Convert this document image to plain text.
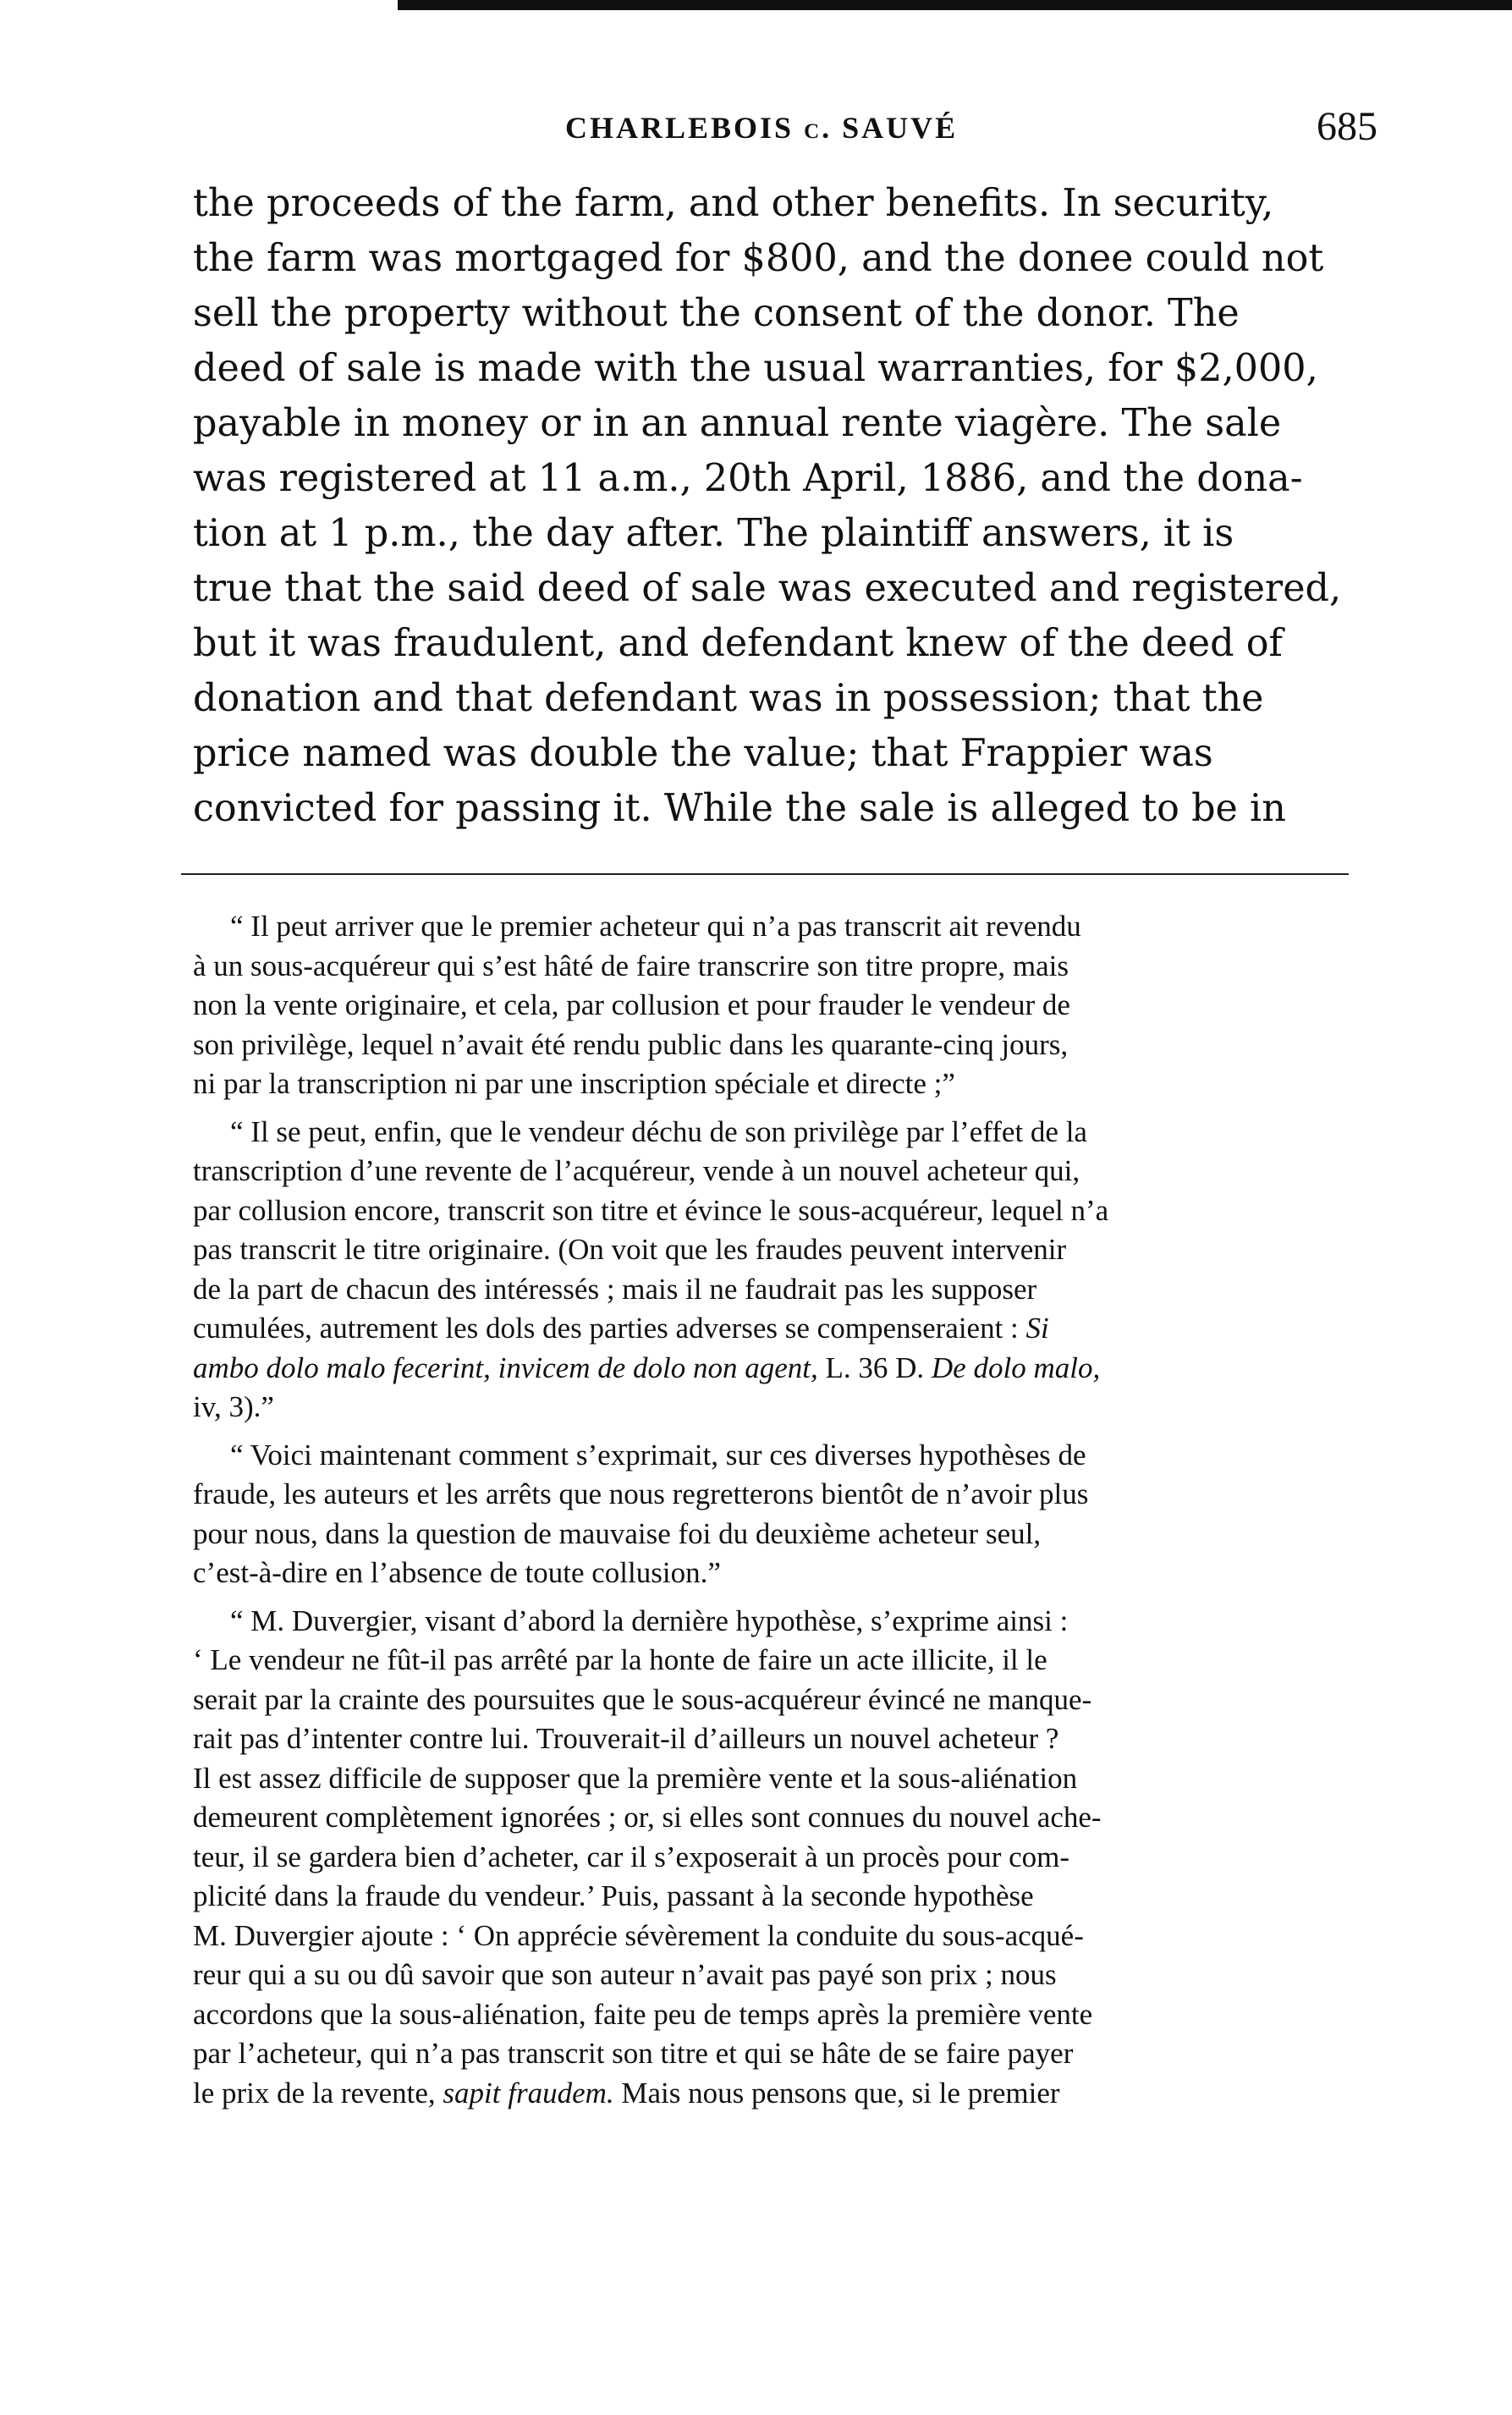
CHARLEBOIS c. SAUVÉ	685
the proceeds of the farm, and other benefits. In security,
the farm was mortgaged for $800, and the donee could not
sell the property without the consent of the donor. The
deed of sale is made with the usual warranties, for $2,000,
payable in money or in an annual rente viagère. The sale
was registered at 11 a.m., 20th April, 1886, and the dona-
tion at 1 p.m., the day after. The plaintiff answers, it is
true that the said deed of sale was executed and registered,
but it was fraudulent, and defendant knew of the deed of
donation and that defendant was in possession; that the
price named was double the value; that Frappier was
convicted for passing it. While the sale is alleged to be in
“ Il peut arriver que le premier acheteur qui n’a pas transcrit ait revendu
à un sous-acquéreur qui s’est hâté de faire transcrire son titre propre, mais
non la vente originaire, et cela, par collusion et pour frauder le vendeur de
son privilège, lequel n’avait été rendu public dans les quarante-cinq jours,
ni par la transcription ni par une inscription spéciale et directe ;”
“ Il se peut, enfin, que le vendeur déchu de son privilège par l’effet de la
transcription d’une revente de l’acquéreur, vende à un nouvel acheteur qui,
par collusion encore, transcrit son titre et évince le sous-acquéreur, lequel n’a
pas transcrit le titre originaire. (On voit que les fraudes peuvent intervenir
de la part de chacun des intéressés ; mais il ne faudrait pas les supposer
cumulées, autrement les dols des parties adverses se compenseraient : Si
ambo dolo malo fecerint, invicem de dolo non agent, L. 36 D. De dolo malo,
iv, 3).”
“ Voici maintenant comment s’exprimait, sur ces diverses hypothèses de
fraude, les auteurs et les arrêts que nous regretterons bientôt de n’avoir plus
pour nous, dans la question de mauvaise foi du deuxième acheteur seul,
c’est-à-dire en l’absence de toute collusion.”
“ M. Duvergier, visant d’abord la dernière hypothèse, s’exprime ainsi :
‘ Le vendeur ne fût-il pas arrêté par la honte de faire un acte illicite, il le
serait par la crainte des poursuites que le sous-acquéreur évincé ne manque-
rait pas d’intenter contre lui. Trouverait-il d’ailleurs un nouvel acheteur ?
Il est assez difficile de supposer que la première vente et la sous-aliénation
demeurent complètement ignorées ; or, si elles sont connues du nouvel ache-
teur, il se gardera bien d’acheter, car il s’exposerait à un procès pour com-
plicité dans la fraude du vendeur.’ Puis, passant à la seconde hypothèse
M. Duvergier ajoute : ‘ On apprécie sévèrement la conduite du sous-acqué-
reur qui a su ou dû savoir que son auteur n’avait pas payé son prix ; nous
accordons que la sous-aliénation, faite peu de temps après la première vente
par l’acheteur, qui n’a pas transcrit son titre et qui se hâte de se faire payer
le prix de la revente, sapit fraudem. Mais nous pensons que, si le premier
